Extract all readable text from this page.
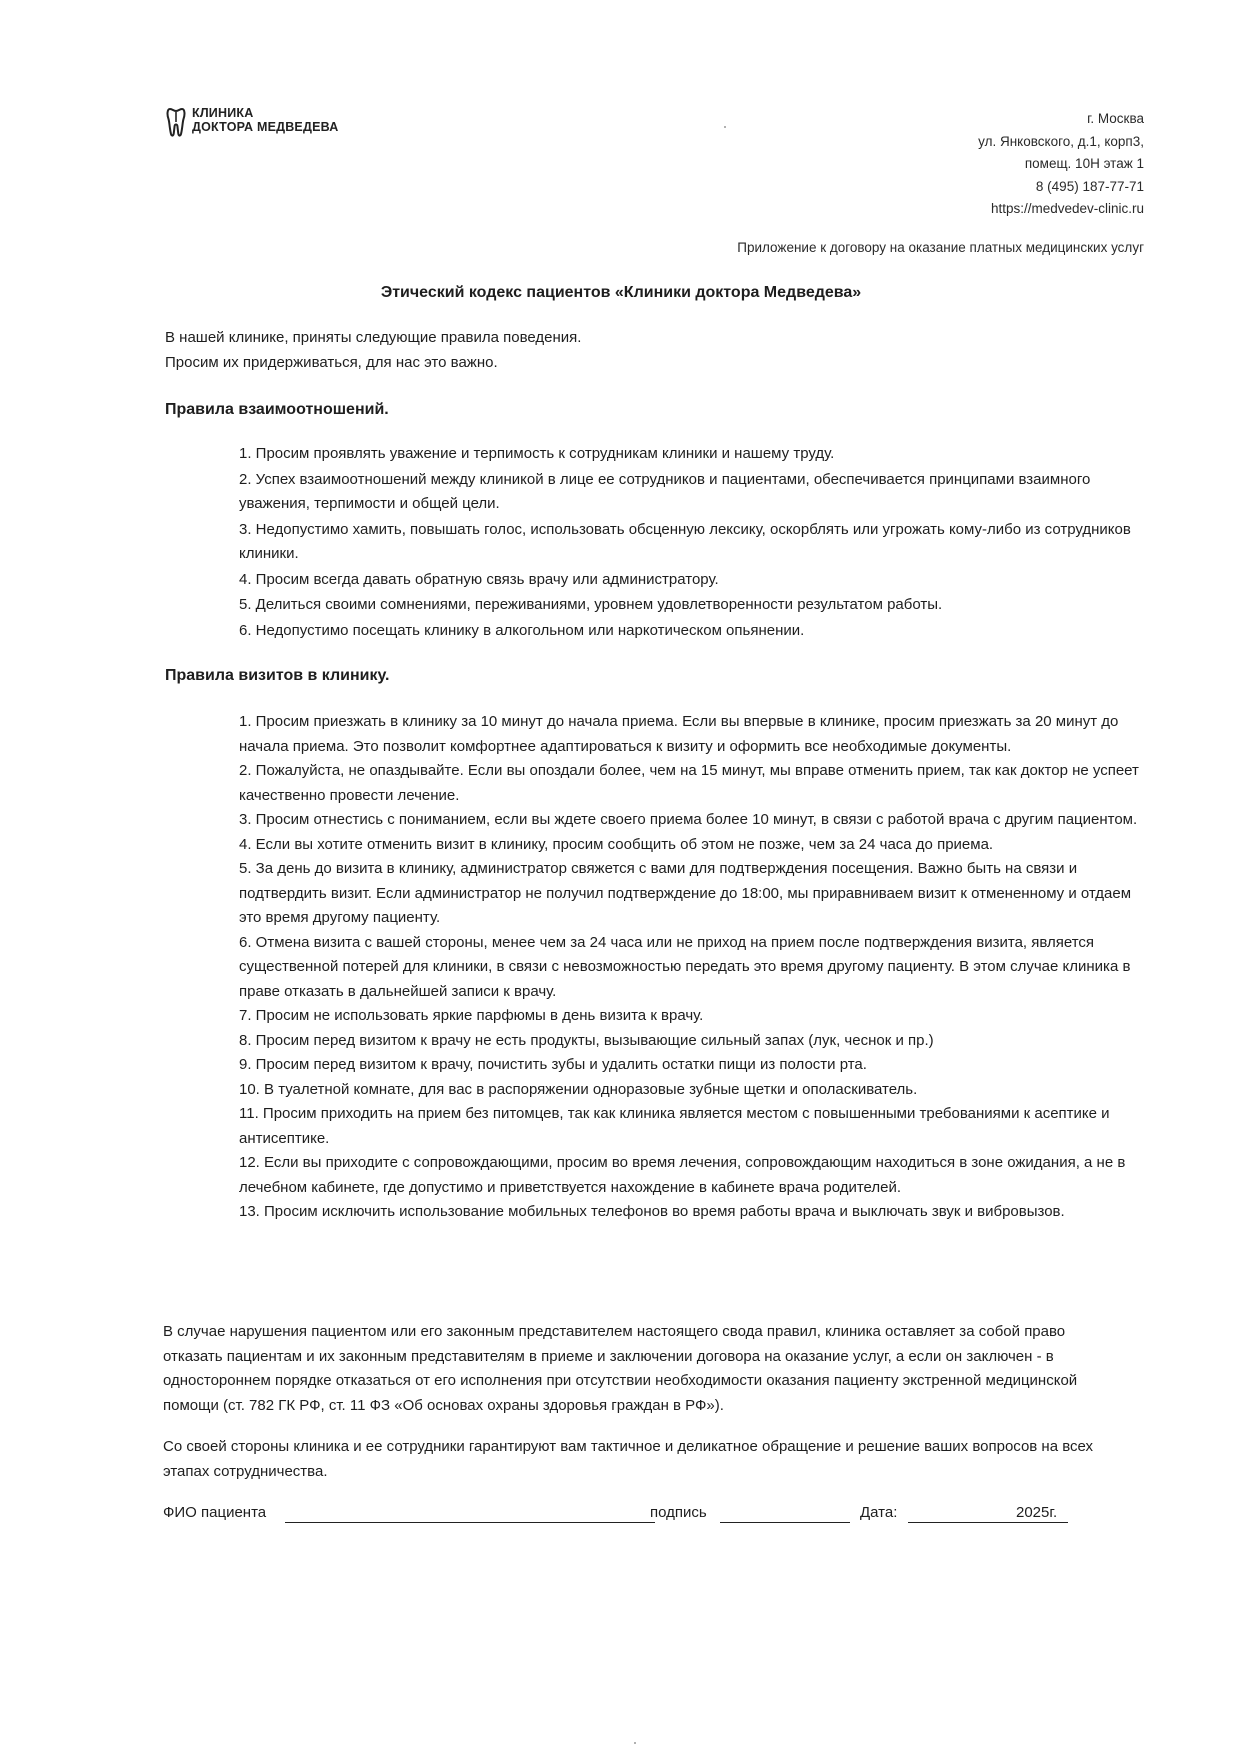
КЛИНИКА
ДОКТОРА МЕДВЕДЕВА
г. Москва
ул. Янковского, д.1, корп3,
помещ. 10Н этаж 1
8 (495) 187-77-71
https://medvedev-clinic.ru
Приложение к договору на оказание платных медицинских услуг
Этический кодекс пациентов «Клиники доктора Медведева»
В нашей клинике, приняты следующие правила поведения.
Просим их придерживаться, для нас это важно.
Правила взаимоотношений.

1. Просим проявлять уважение и терпимость к сотрудникам клиники и нашему труду.

2. Успех взаимоотношений между клиникой в лице ее сотрудников и пациентами, обеспечивается принципами взаимного уважения, терпимости и общей цели.

3. Недопустимо хамить, повышать голос, использовать обсценную лексику, оскорблять или угрожать кому-либо из сотрудников клиники.

4. Просим всегда давать обратную связь врачу или администратору.

5. Делиться своими сомнениями, переживаниями, уровнем удовлетворенности результатом работы.

6. Недопустимо посещать клинику в алкогольном или наркотическом опьянении.

Правила визитов в клинику.

1. Просим приезжать в клинику за 10 минут до начала приема. Если вы впервые в клинике, просим приезжать за 20 минут до начала приема. Это позволит комфортнее адаптироваться к визиту и оформить все необходимые документы.

2. Пожалуйста, не опаздывайте. Если вы опоздали более, чем на 15 минут, мы вправе отменить прием, так как доктор не успеет качественно провести лечение.

3. Просим отнестись с пониманием, если вы ждете своего приема более 10 минут, в связи с работой врача с другим пациентом.

4. Если вы хотите отменить визит в клинику, просим сообщить об этом не позже, чем за 24 часа до приема.

5. За день до визита в клинику, администратор свяжется с вами для подтверждения посещения. Важно быть на связи и подтвердить визит. Если администратор не получил подтверждение до 18:00, мы приравниваем визит к отмененному и отдаем это время другому пациенту.

6. Отмена визита с вашей стороны, менее чем за 24 часа или не приход на прием после подтверждения визита, является существенной потерей для клиники, в связи с невозможностью передать это время другому пациенту. В этом случае клиника в праве отказать в дальнейшей записи к врачу.

7. Просим не использовать яркие парфюмы в день визита к врачу.

8. Просим перед визитом к врачу не есть продукты, вызывающие сильный запах (лук, чеснок и пр.)

9. Просим перед визитом к врачу, почистить зубы и удалить остатки пищи из полости рта.

10. В туалетной комнате, для вас в распоряжении одноразовые зубные щетки и ополаскиватель.

11. Просим приходить на прием без питомцев, так как клиника является местом с повышенными требованиями к асептике и антисептике.

12. Если вы приходите с сопровождающими, просим во время лечения, сопровождающим находиться в зоне ожидания, а не в лечебном кабинете, где допустимо и приветствуется нахождение в кабинете врача родителей.

13. Просим исключить использование мобильных телефонов во время работы врача и выключать звук и вибровызов.

В случае нарушения пациентом или его законным представителем настоящего свода правил, клиника оставляет за собой право отказать пациентам и их законным представителям в приеме и заключении договора на оказание услуг, а если он заключен - в одностороннем порядке отказаться от его исполнения при отсутствии необходимости оказания пациенту экстренной медицинской помощи (ст. 782 ГК РФ, ст. 11 ФЗ «Об основах охраны здоровья граждан в РФ»).
Со своей стороны клиника и ее сотрудники гарантируют вам тактичное и деликатное обращение и решение ваших вопросов на всех этапах сотрудничества.
ФИО пациента	подпись	Дата:	2025г.
